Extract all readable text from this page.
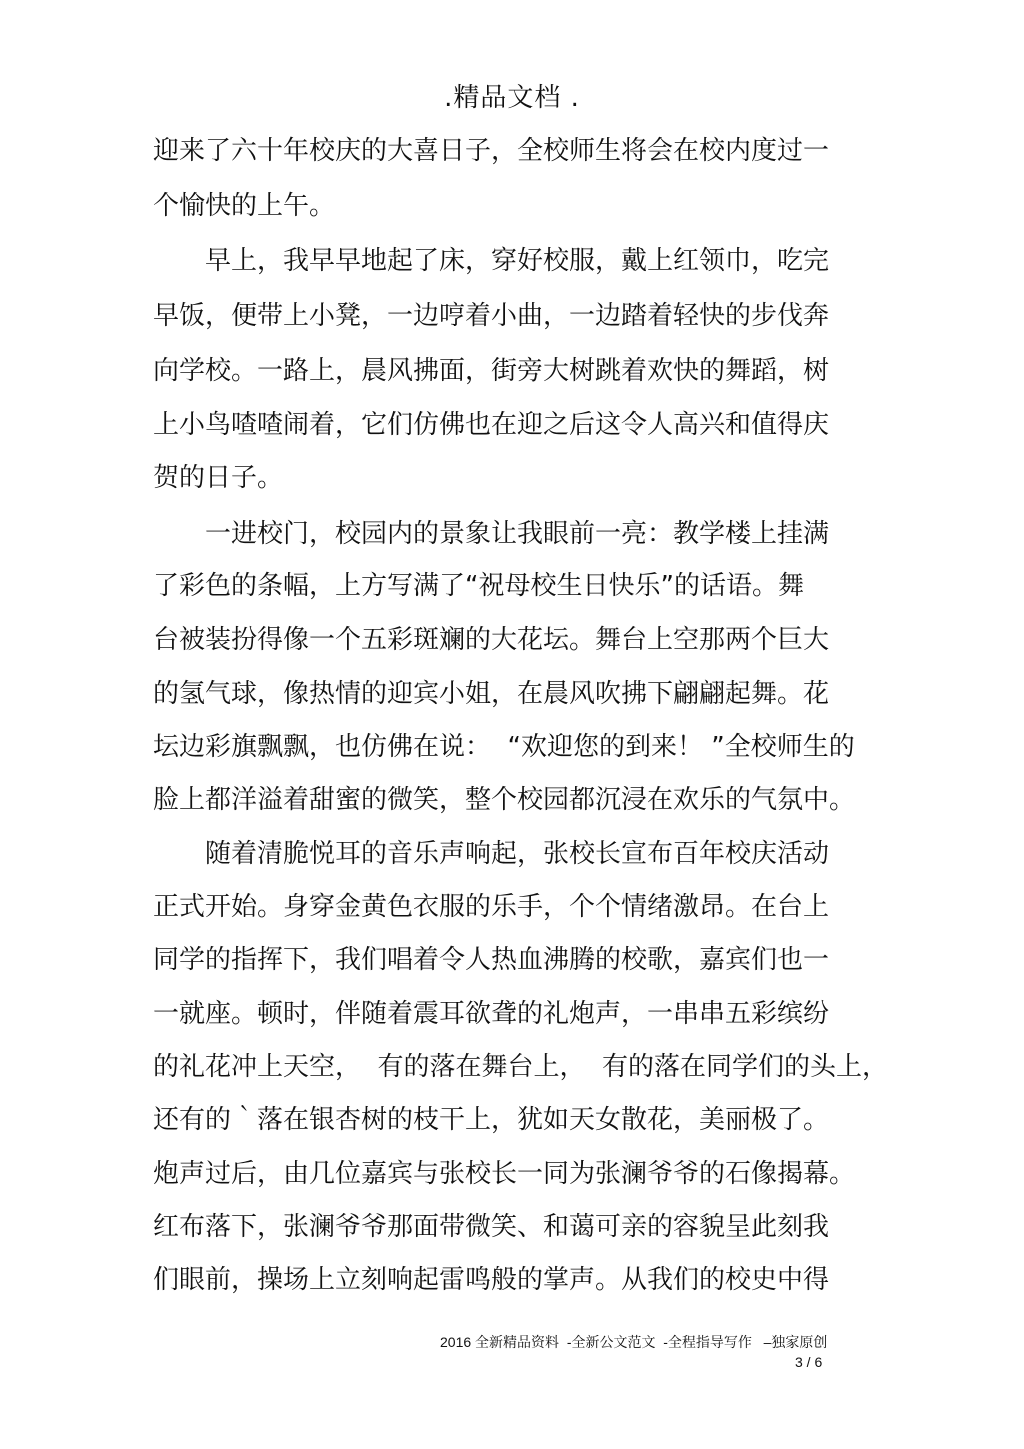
.精品文档 .
迎来了六十年校庆的大喜日子，全校师生将会在校内度过一
个愉快的上午。
早上，我早早地起了床，穿好校服，戴上红领巾，吃完
早饭，便带上小凳，一边哼着小曲，一边踏着轻快的步伐奔
向学校。一路上，晨风拂面，街旁大树跳着欢快的舞蹈，树
上小鸟喳喳闹着，它们仿佛也在迎之后这令人高兴和值得庆
贺的日子。
一进校门，校园内的景象让我眼前一亮：教学楼上挂满
了彩色的条幅，上方写满了“祝母校生日快乐”的话语。舞
台被装扮得像一个五彩斑斓的大花坛。舞台上空那两个巨大
的氢气球，像热情的迎宾小姐，在晨风吹拂下翩翩起舞。花
坛边彩旗飘飘，也仿佛在说：  “欢迎您的到来！ ”全校师生的
脸上都洋溢着甜蜜的微笑，整个校园都沉浸在欢乐的气氛中。
随着清脆悦耳的音乐声响起，张校长宣布百年校庆活动
正式开始。身穿金黄色衣服的乐手，个个情绪激昂。在台上
同学的指挥下，我们唱着令人热血沸腾的校歌，嘉宾们也一
一就座。顿时，伴随着震耳欲聋的礼炮声，一串串五彩缤纷
的礼花冲上天空，  有的落在舞台上，  有的落在同学们的头上，
还有的｀落在银杏树的枝干上，犹如天女散花，美丽极了。
炮声过后，由几位嘉宾与张校长一同为张澜爷爷的石像揭幕。
红布落下，张澜爷爷那面带微笑、和蔼可亲的容貌呈此刻我
们眼前，操场上立刻响起雷鸣般的掌声。从我们的校史中得
2016 全新精品资料  -全新公文范文  -全程指导写作   –独家原创
3 / 6
